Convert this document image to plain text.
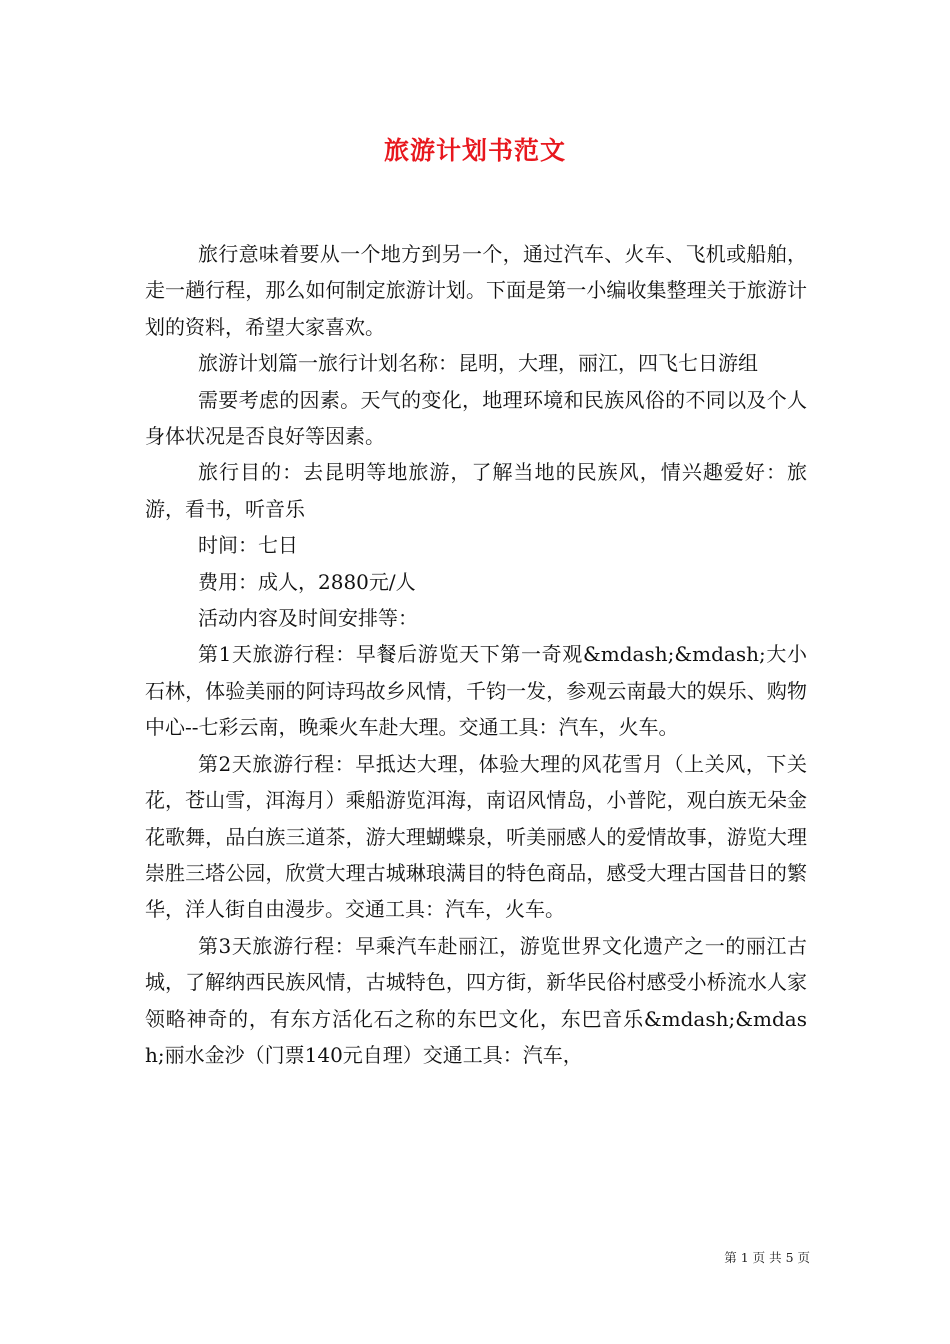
旅游计划书范文

旅行意味着要从一个地方到另一个，通过汽车、火车、飞机或船舶，走一趟行程，那么如何制定旅游计划。下面是第一小编收集整理关于旅游计划的资料，希望大家喜欢。

旅游计划篇一旅行计划名称：昆明，大理，丽江，四飞七日游组

需要考虑的因素。天气的变化，地理环境和民族风俗的不同以及个人身体状况是否良好等因素。

旅行目的：去昆明等地旅游，了解当地的民族风，情兴趣爱好：旅游，看书，听音乐

时间：七日

费用：成人，2880元/人

活动内容及时间安排等：

第1天旅游行程：早餐后游览天下第一奇观&mdash;&mdash;大小石林，体验美丽的阿诗玛故乡风情，千钧一发，参观云南最大的娱乐、购物中心--七彩云南，晚乘火车赴大理。交通工具：汽车，火车。

第2天旅游行程：早抵达大理，体验大理的风花雪月（上关风，下关花，苍山雪，洱海月）乘船游览洱海，南诏风情岛，小普陀，观白族无朵金花歌舞，品白族三道茶，游大理蝴蝶泉，听美丽感人的爱情故事，游览大理崇胜三塔公园，欣赏大理古城琳琅满目的特色商品，感受大理古国昔日的繁华，洋人街自由漫步。交通工具：汽车，火车。

第3天旅游行程：早乘汽车赴丽江，游览世界文化遗产之一的丽江古城，了解纳西民族风情，古城特色，四方街，新华民俗村感受小桥流水人家领略神奇的，有东方活化石之称的东巴文化，东巴音乐&mdash;&mdash;丽水金沙（门票140元自理）交通工具：汽车，

第 1 页 共 5 页
